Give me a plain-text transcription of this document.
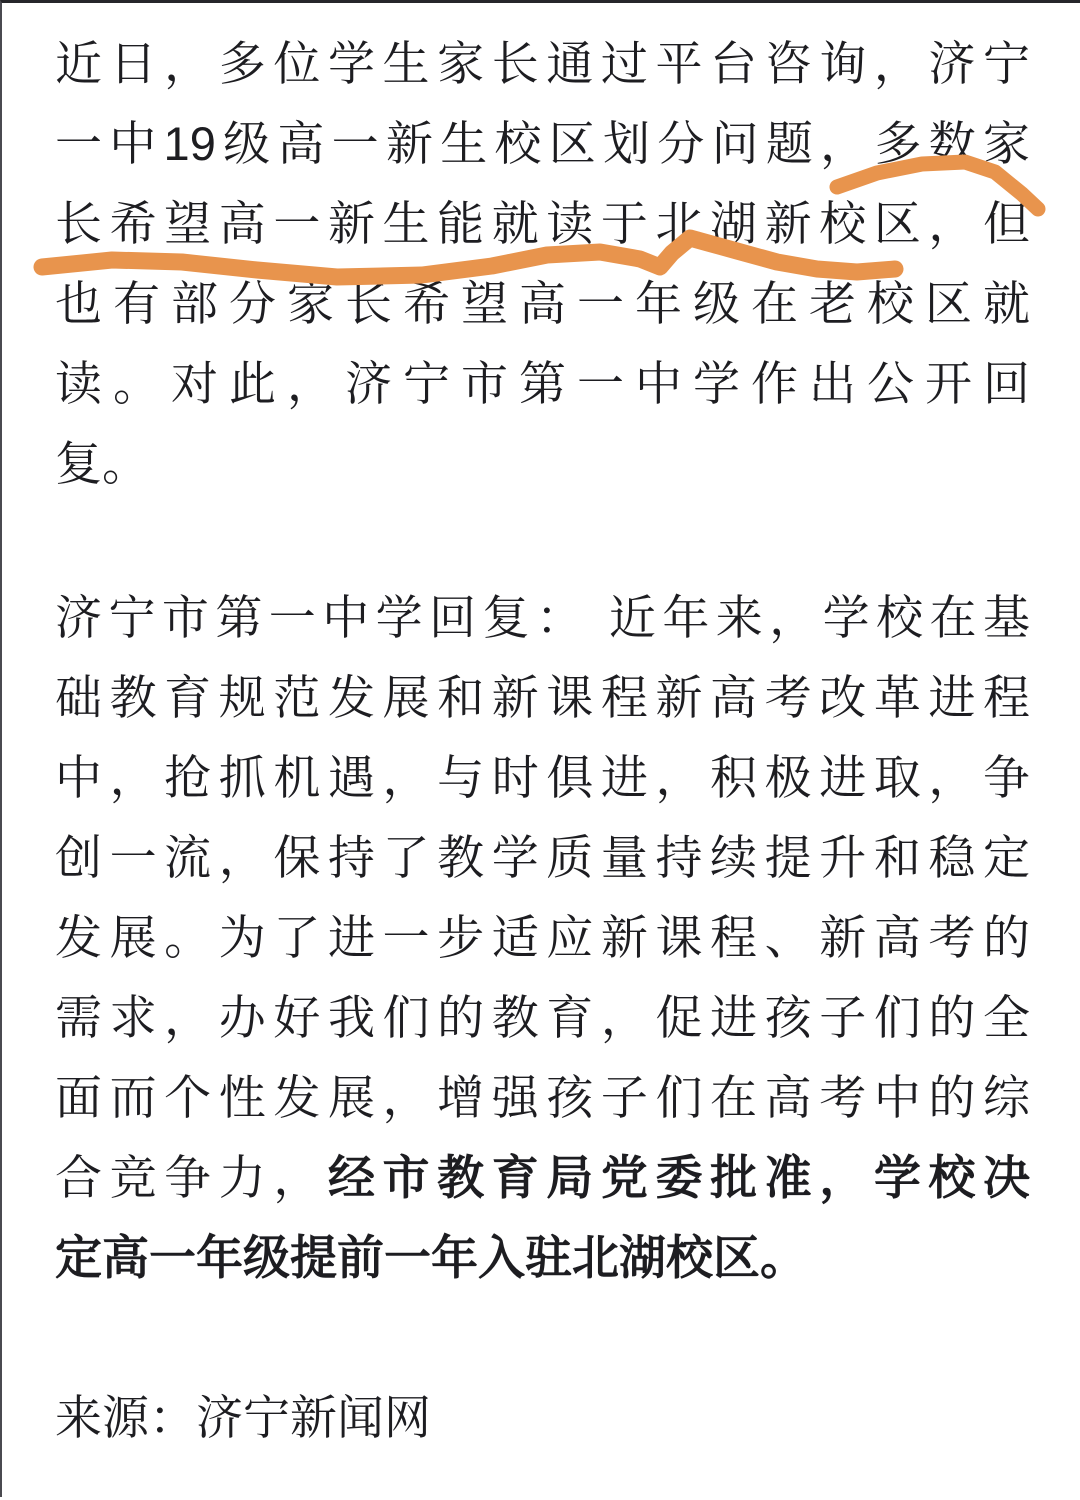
近日，多位学生家长通过平台咨询，济宁
一中19级高一新生校区划分问题，多数家
长希望高一新生能就读于北湖新校区，但
也有部分家长希望高一年级在老校区就
读。对此，济宁市第一中学作出公开回
复。
济宁市第一中学回复： 近年来，学校在基
础教育规范发展和新课程新高考改革进程
中，抢抓机遇，与时俱进，积极进取，争
创一流，保持了教学质量持续提升和稳定
发展。为了进一步适应新课程、新高考的
需求，办好我们的教育，促进孩子们的全
面而个性发展，增强孩子们在高考中的综
合竞争力，经市教育局党委批准，学校决
定高一年级提前一年入驻北湖校区。
来源：济宁新闻网
